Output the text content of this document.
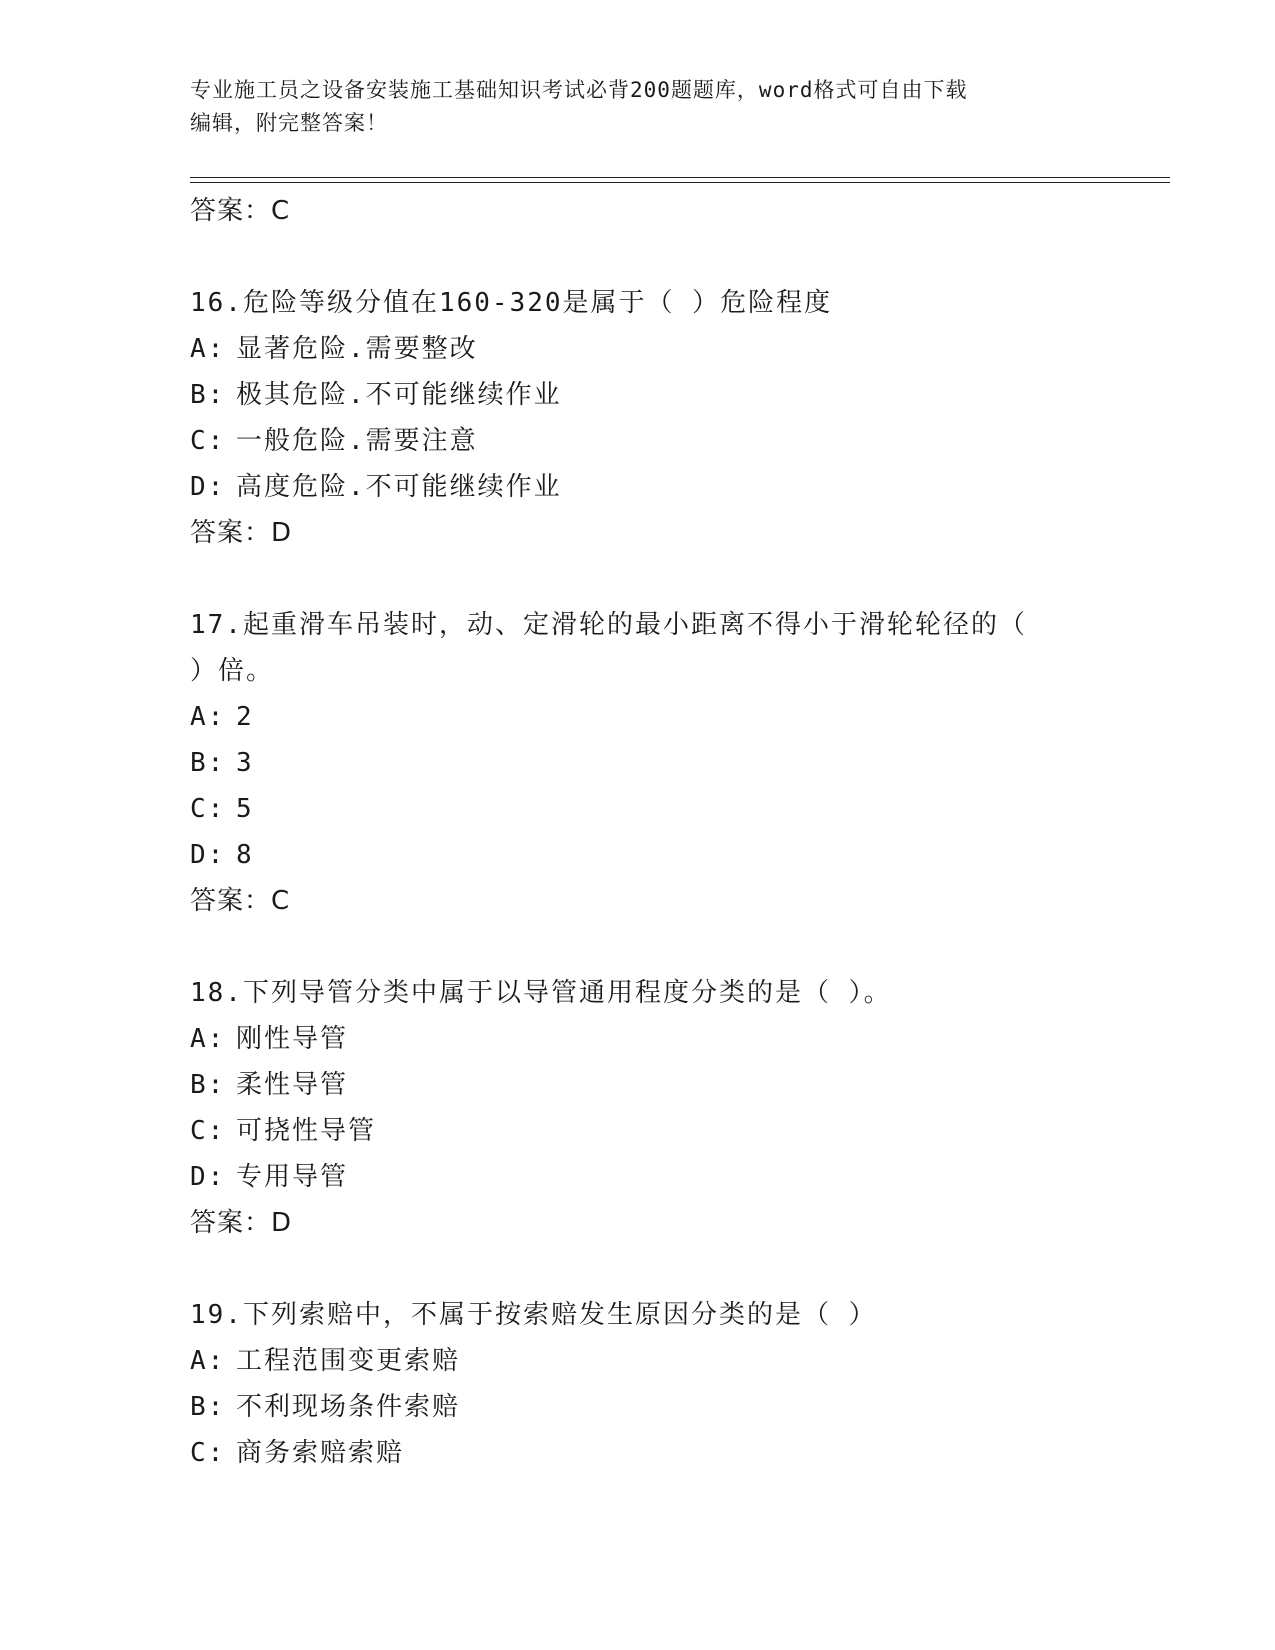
专业施工员之设备安装施工基础知识考试必背200题题库，word格式可自由下载
编辑，附完整答案！
答案：C
16.危险等级分值在160-320是属于（ ）危险程度
A: 显著危险.需要整改
B: 极其危险.不可能继续作业
C: 一般危险.需要注意
D: 高度危险.不可能继续作业
答案：D
17.起重滑车吊装时，动、定滑轮的最小距离不得小于滑轮轮径的（
）倍。
A: 2
B: 3
C: 5
D: 8
答案：C
18.下列导管分类中属于以导管通用程度分类的是（ ）。
A: 刚性导管
B: 柔性导管
C: 可挠性导管
D: 专用导管
答案：D
19.下列索赔中，不属于按索赔发生原因分类的是（ ）
A: 工程范围变更索赔
B: 不利现场条件索赔
C: 商务索赔索赔
